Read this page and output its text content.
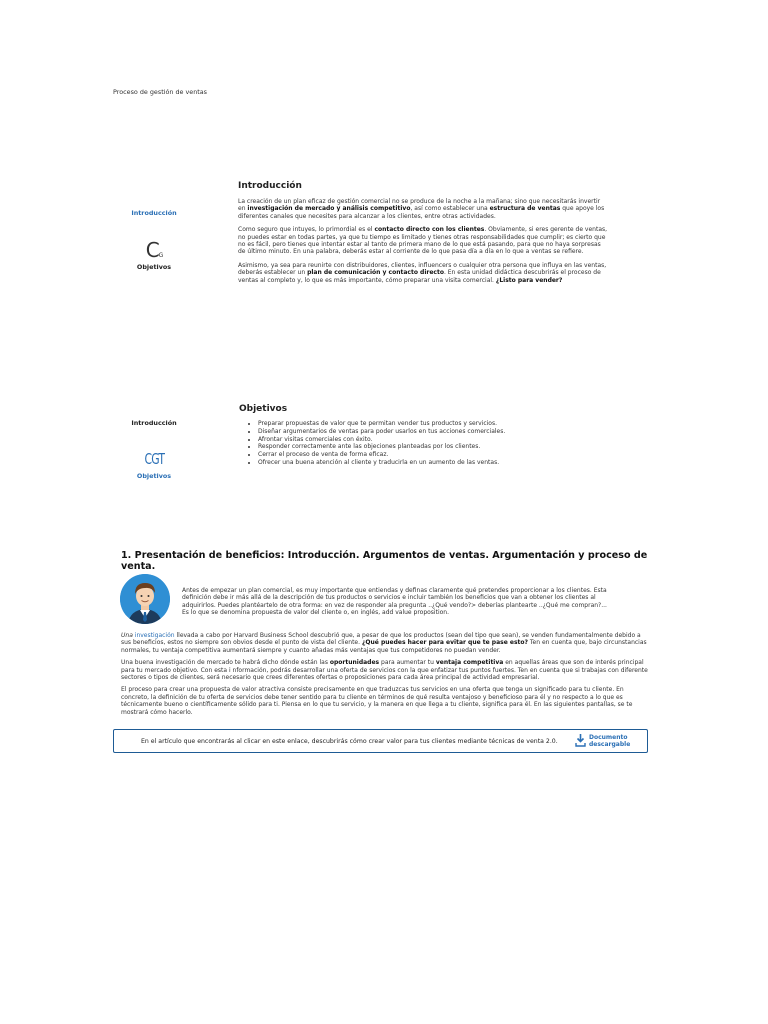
Proceso de gestión de ventas
Introducción
CG
Objetivos
Introducción

La creación de un plan eficaz de gestión comercial no se produce de la noche a la mañana; sino que necesitarás invertir en investigación de mercado y análisis competitivo, así como establecer una estructura de ventas que apoye los diferentes canales que necesites para alcanzar a los clientes, entre otras actividades.

Como seguro que intuyes, lo primordial es el contacto directo con los clientes. Obviamente, si eres gerente de ventas, no puedes estar en todas partes, ya que tu tiempo es limitado y tienes otras responsabilidades que cumplir; es cierto que no es fácil, pero tienes que intentar estar al tanto de primera mano de lo que está pasando, para que no haya sorpresas de último minuto. En una palabra, deberás estar al corriente de lo que pasa día a día en lo que a ventas se refiere.

Asimismo, ya sea para reunirte con distribuidores, clientes, influencers o cualquier otra persona que influya en las ventas, deberás establecer un plan de comunicación y contacto directo. En esta unidad didáctica descubrirás el proceso de ventas al completo y, lo que es más importante, cómo preparar una visita comercial. ¿Listo para vender?

Introducción
CGT
Objetivos
Objetivos
• Preparar propuestas de valor que te permitan vender tus productos y servicios.
• Diseñar argumentarios de ventas para poder usarlos en tus acciones comerciales.
• Afrontar visitas comerciales con éxito.
• Responder correctamente ante las objeciones planteadas por los clientes.
• Cerrar el proceso de venta de forma eficaz.
• Ofrecer una buena atención al cliente y traducirla en un aumento de las ventas.
1. Presentación de beneficios: Introducción. Argumentos de ventas. Argumentación y proceso de venta.

Antes de empezar un plan comercial, es muy importante que entiendas y definas claramente qué pretendes proporcionar a los clientes. Esta definición debe ir más allá de la descripción de tus productos o servicios e incluir también los beneficios que van a obtener los clientes al adquirirlos. Puedes plantéartelo de otra forma: en vez de responder ala pregunta ..¿Qué vendo?> deberías plantearte ..¿Qué me compran?...

Es lo que se denomina propuesta de valor del cliente o, en inglés, add value proposition.

Una investigación llevada a cabo por Harvard Business School descubrió que, a pesar de que los productos (sean del tipo que sean), se venden fundamentalmente debido a sus beneficios, estos no siempre son obvios desde el punto de vista del cliente. ¿Qué puedes hacer para evitar que te pase esto? Ten en cuenta que, bajo circunstancias normales, tu ventaja competitiva aumentará siempre y cuanto añadas más ventajas que tus competidores no puedan vender.

Una buena investigación de mercado te habrá dicho dónde están las oportunidades para aumentar tu ventaja competitiva en aquellas áreas que son de interés principal para tu mercado objetivo. Con esta i nformación, podrás desarrollar una oferta de servicios con la que enfatizar tus puntos fuertes. Ten en cuenta que si trabajas con diferente sectores o tipos de clientes, será necesario que crees diferentes ofertas o proposiciones para cada área principal de actividad empresarial.

El proceso para crear una propuesta de valor atractiva consiste precisamente en que traduzcas tus servicios en una oferta que tenga un significado para tu cliente. En concreto, la definición de tu oferta de servicios debe tener sentido para tu cliente en términos de qué resulta ventajoso y beneficioso para él y no respecto a lo que es técnicamente bueno o científicamente sólido para ti. Piensa en lo que tu servicio, y la manera en que llega a tu cliente, significa para él. En las siguientes pantallas, se te mostrará cómo hacerlo.

En el artículo que encontrarás al clicar en este enlace, descubrirás cómo crear valor para tus clientes mediante técnicas de venta 2.0.
Documento
descargable
